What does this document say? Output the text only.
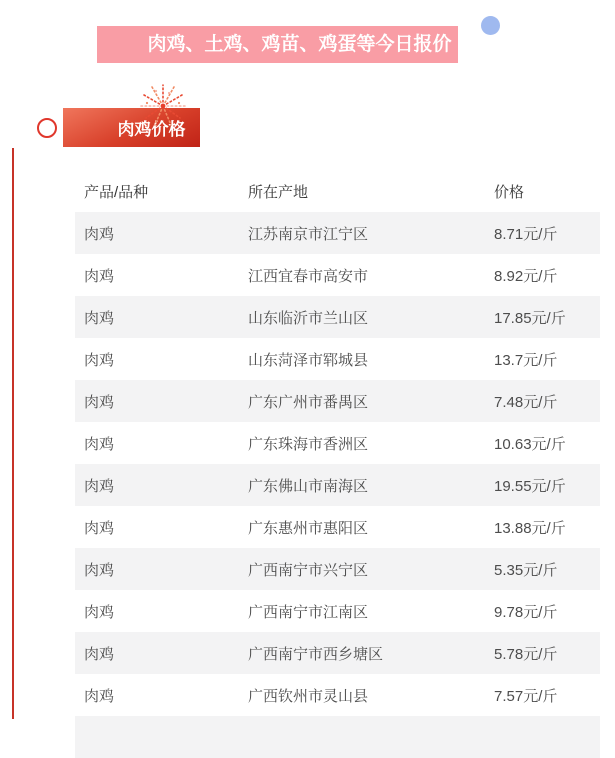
肉鸡、土鸡、鸡苗、鸡蛋等今日报价
肉鸡价格
产品/品种	所在产地	价格
肉鸡	江苏南京市江宁区	8.71元/斤
肉鸡	江西宜春市高安市	8.92元/斤
肉鸡	山东临沂市兰山区	17.85元/斤
肉鸡	山东菏泽市郓城县	13.7元/斤
肉鸡	广东广州市番禺区	7.48元/斤
肉鸡	广东珠海市香洲区	10.63元/斤
肉鸡	广东佛山市南海区	19.55元/斤
肉鸡	广东惠州市惠阳区	13.88元/斤
肉鸡	广西南宁市兴宁区	5.35元/斤
肉鸡	广西南宁市江南区	9.78元/斤
肉鸡	广西南宁市西乡塘区	5.78元/斤
肉鸡	广西钦州市灵山县	7.57元/斤
